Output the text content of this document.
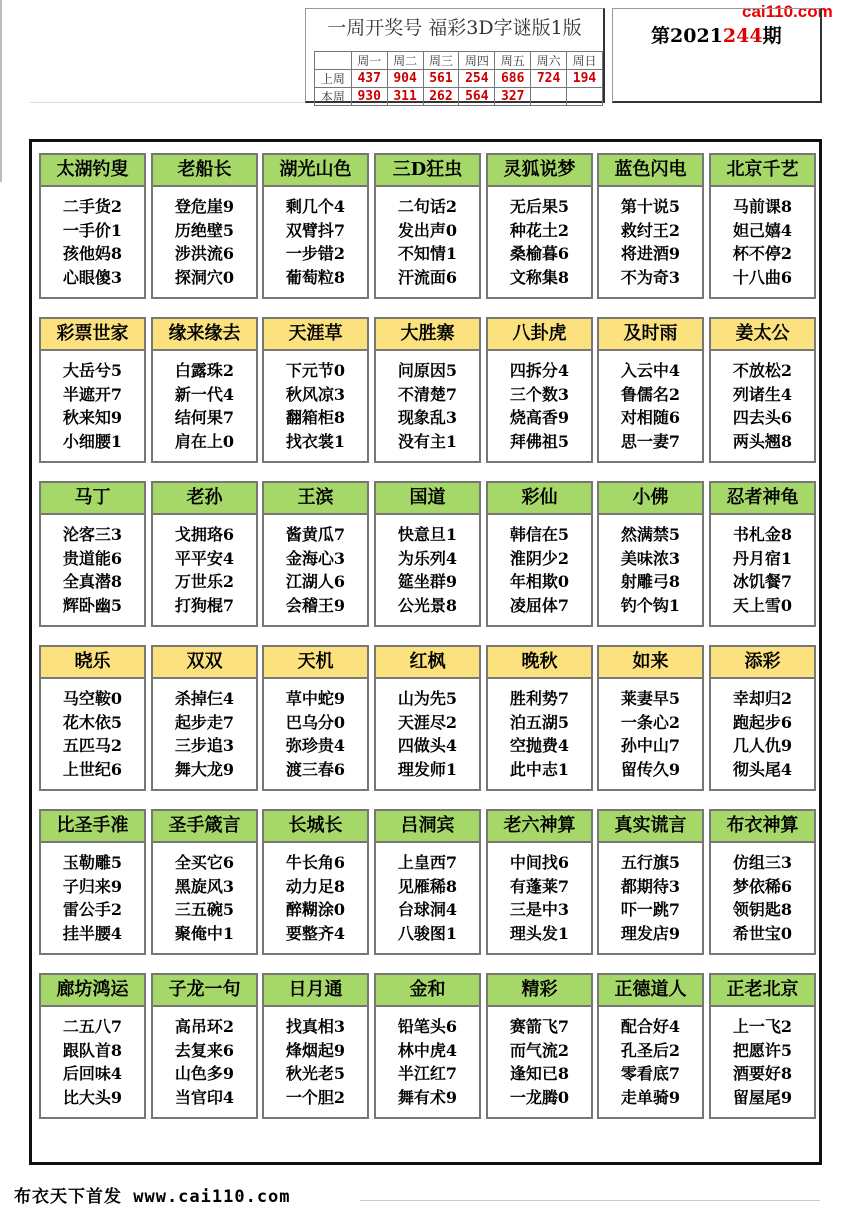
cai110.com
一周开奖号 福彩3D字谜版1版
	周一	周二	周三	周四	周五	周六	周日
上周	437	904	561	254	686	724	194
本周	930	311	262	564	327		
第2021244期
太湖钓叟
二手货2
一手价1
孩他妈8
心眼傻3
老船长
登危崖9
历绝壁5
涉洪流6
探洞穴0
湖光山色
剩几个4
双臂抖7
一步错2
葡萄粒8
三D狂虫
二句话2
发出声0
不知情1
汗流面6
灵狐说梦
无后果5
种花土2
桑榆暮6
文称集8
蓝色闪电
第十说5
救纣王2
将进酒9
不为奇3
北京千艺
马前课8
妲己嬉4
杯不停2
十八曲6
彩票世家
大岳兮5
半遮开7
秋来知9
小细腰1
缘来缘去
白露珠2
新一代4
结何果7
肩在上0
天涯草
下元节0
秋风凉3
翻箱柜8
找衣裳1
大胜寨
问原因5
不清楚7
现象乱3
没有主1
八卦虎
四拆分4
三个数3
烧高香9
拜佛祖5
及时雨
入云中4
鲁儒名2
对相随6
思一妻7
姜太公
不放松2
列诸生4
四去头6
两头翘8
马丁
沦客三3
贵道能6
全真潜8
辉卧幽5
老孙
戈拥珞6
平平安4
万世乐2
打狗棍7
王滨
酱黄瓜7
金海心3
江湖人6
会稽王9
国道
快意旦1
为乐列4
筵坐群9
公光景8
彩仙
韩信在5
淮阴少2
年相欺0
凌屈体7
小佛
然满禁5
美味浓3
射雕弓8
钓个钩1
忍者神龟
书札金8
丹月宿1
冰饥餐7
天上雪0
晓乐
马空鞍0
花木依5
五匹马2
上世纪6
双双
杀掉仨4
起步走7
三步追3
舞大龙9
天机
草中蛇9
巴乌分0
弥珍贵4
渡三春6
红枫
山为先5
天涯尽2
四做头4
理发师1
晚秋
胜利势7
泊五湖5
空抛费4
此中志1
如来
莱妻早5
一条心2
孙中山7
留传久9
添彩
幸却归2
跑起步6
几人仇9
彻头尾4
比圣手准
玉勒雕5
子归来9
雷公手2
挂半腰4
圣手箴言
全买它6
黑旋风3
三五碗5
聚俺中1
长城长
牛长角6
动力足8
醉糊涂0
要整齐4
吕洞宾
上皇西7
见雁稀8
台球洞4
八骏图1
老六神算
中间找6
有蓬莱7
三是中3
理头发1
真实谎言
五行旗5
都期待3
吓一跳7
理发店9
布衣神算
仿组三3
梦依稀6
领钥匙8
希世宝0
廊坊鸿运
二五八7
跟队首8
后回味4
比大头9
子龙一句
高吊环2
去复来6
山色多9
当官印4
日月通
找真相3
烽烟起9
秋光老5
一个胆2
金和
铅笔头6
林中虎4
半江红7
舞有术9
精彩
赛箭飞7
而气流2
逢知已8
一龙腾0
正德道人
配合好4
孔圣后2
零看底7
走单骑9
正老北京
上一飞2
把愿许5
酒要好8
留屋尾9
布衣天下首发 www.cai110.com
